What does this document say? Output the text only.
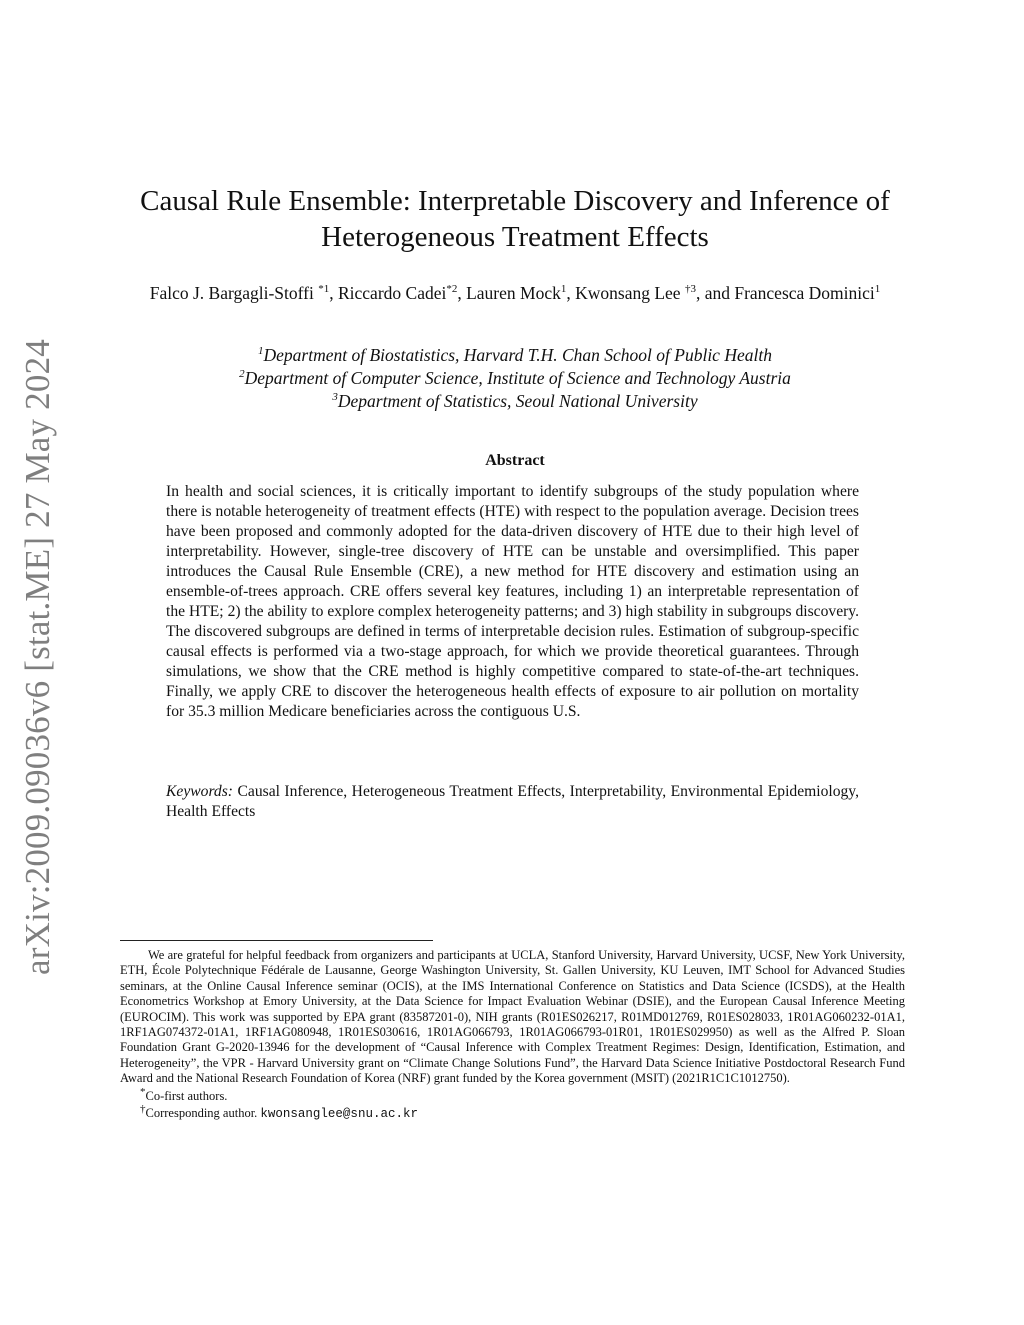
arXiv:2009.09036v6 [stat.ME] 27 May 2024
Causal Rule Ensemble: Interpretable Discovery and Inference of Heterogeneous Treatment Effects
Falco J. Bargagli-Stoffi $^{*1}$, Riccardo Cadei$^{*2}$, Lauren Mock$^1$, Kwonsang Lee $^{\dagger 3}$, and Francesca Dominici$^1$
$^1$Department of Biostatistics, Harvard T.H. Chan School of Public Health
$^2$Department of Computer Science, Institute of Science and Technology Austria
$^3$Department of Statistics, Seoul National University
Abstract

In health and social sciences, it is critically important to identify subgroups of the study population where there is notable heterogeneity of treatment effects (HTE) with respect to the population average. Decision trees have been proposed and commonly adopted for the data-driven discovery of HTE due to their high level of interpretability. However, single-tree discovery of HTE can be unstable and oversimplified. This paper introduces the Causal Rule Ensemble (CRE), a new method for HTE discovery and estimation using an ensemble-of-trees approach. CRE offers several key features, including 1) an interpretable representation of the HTE; 2) the ability to explore complex heterogeneity patterns; and 3) high stability in subgroups discovery. The discovered subgroups are defined in terms of interpretable decision rules. Estimation of subgroup-specific causal effects is performed via a two-stage approach, for which we provide theoretical guarantees. Through simulations, we show that the CRE method is highly competitive compared to state-of-the-art techniques. Finally, we apply CRE to discover the heterogeneous health effects of exposure to air pollution on mortality for 35.3 million Medicare beneficiaries across the contiguous U.S.

Keywords: Causal Inference, Heterogeneous Treatment Effects, Interpretability, Environmental Epidemiology, Health Effects

We are grateful for helpful feedback from organizers and participants at UCLA, Stanford University, Harvard University, UCSF, New York University, ETH, École Polytechnique Fédérale de Lausanne, George Washington University, St. Gallen University, KU Leuven, IMT School for Advanced Studies seminars, at the Online Causal Inference seminar (OCIS), at the IMS International Conference on Statistics and Data Science (ICSDS), at the Health Econometrics Workshop at Emory University, at the Data Science for Impact Evaluation Webinar (DSIE), and the European Causal Inference Meeting (EUROCIM). This work was supported by EPA grant (83587201-0), NIH grants (R01ES026217, R01MD012769, R01ES028033, 1R01AG060232-01A1, 1RF1AG074372-01A1, 1RF1AG080948, 1R01ES030616, 1R01AG066793, 1R01AG066793-01R01, 1R01ES029950) as well as the Alfred P. Sloan Foundation Grant G-2020-13946 for the development of “Causal Inference with Complex Treatment Regimes: Design, Identification, Estimation, and Heterogeneity”, the VPR - Harvard University grant on “Climate Change Solutions Fund”, the Harvard Data Science Initiative Postdoctoral Research Fund Award and the National Research Foundation of Korea (NRF) grant funded by the Korea government (MSIT) (2021R1C1C1012750).

*Co-first authors.

†Corresponding author. kwonsanglee@snu.ac.kr
